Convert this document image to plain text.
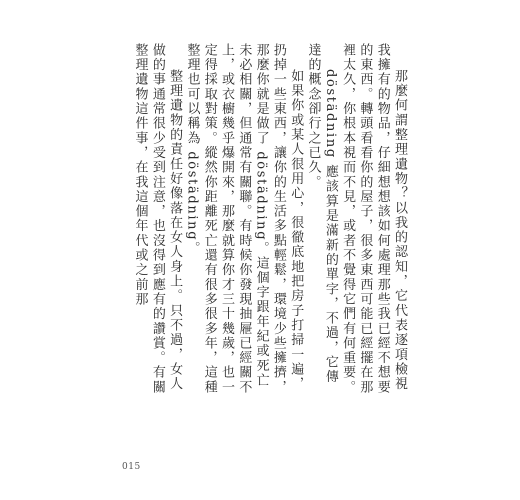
那麼何謂整理遺物？以我的認知，它代表逐項檢視我擁有的物品，仔細想想該如何處理那些我已經不想要的東西。轉頭看看你的屋子，很多東西可能已經擺在那裡太久，你根本視而不見，或者不覺得它們有何重要。

döstädning 應該算是滿新的單字，不過，它傳達的概念卻行之已久。

如果你或某人很用心，很徹底地把房子打掃一遍，扔掉一些東西，讓你的生活多點輕鬆，環境少些擁擠，那麼你就是做了 döstädning。這個字跟年紀或死亡未必相關，但通常有關聯。有時候你發現抽屜已經關不上，或衣櫥幾乎爆開來，那麼就算你才三十幾歲，也一定得採取對策。縱然你距離死亡還有很多很多年，這種整理也可以稱為 döstädning。

整理遺物的責任好像落在女人身上。只不過，女人做的事通常很少受到注意，也沒得到應有的讚賞。有關整理遺物這件事，在我這個年代或之前那

015
